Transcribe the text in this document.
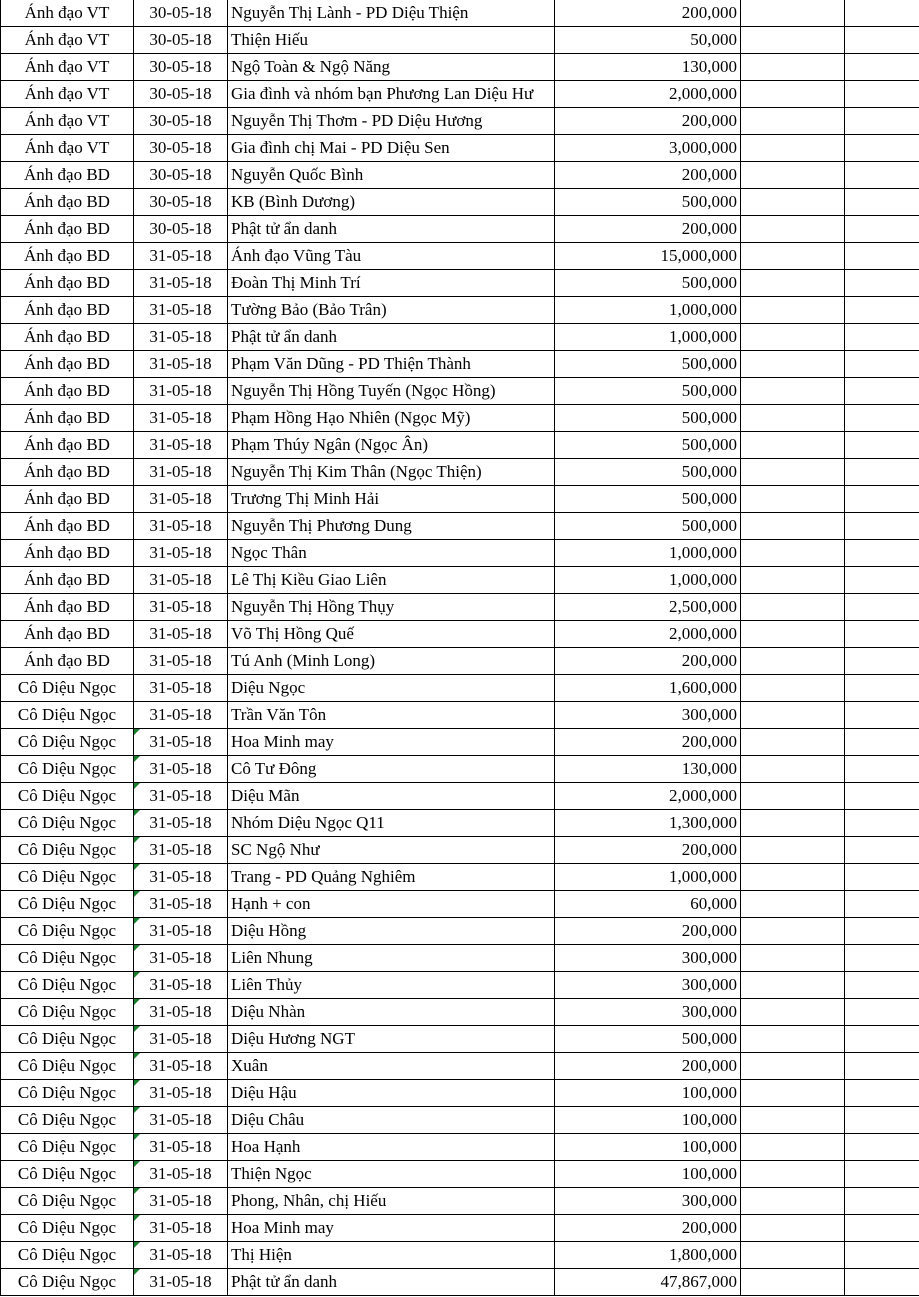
Ánh đạo VT	30-05-18	Nguyễn Thị Lành - PD Diệu Thiện	200,000		
Ánh đạo VT	30-05-18	Thiện Hiếu	50,000		
Ánh đạo VT	30-05-18	Ngộ Toàn & Ngộ Năng	130,000		
Ánh đạo VT	30-05-18	Gia đình và nhóm bạn Phương Lan Diệu Hư	2,000,000		
Ánh đạo VT	30-05-18	Nguyễn Thị Thơm - PD Diệu Hương	200,000		
Ánh đạo VT	30-05-18	Gia đình chị Mai - PD Diệu Sen	3,000,000		
Ánh đạo BD	30-05-18	Nguyễn Quốc Bình	200,000		
Ánh đạo BD	30-05-18	KB (Bình Dương)	500,000		
Ánh đạo BD	30-05-18	Phật tử ẩn danh	200,000		
Ánh đạo BD	31-05-18	Ánh đạo Vũng Tàu	15,000,000		
Ánh đạo BD	31-05-18	Đoàn Thị Minh Trí	500,000		
Ánh đạo BD	31-05-18	Tường Bảo (Bảo Trân)	1,000,000		
Ánh đạo BD	31-05-18	Phật tử ẩn danh	1,000,000		
Ánh đạo BD	31-05-18	Phạm Văn Dũng - PD Thiện Thành	500,000		
Ánh đạo BD	31-05-18	Nguyễn Thị Hồng Tuyến (Ngọc Hồng)	500,000		
Ánh đạo BD	31-05-18	Phạm Hồng Hạo Nhiên (Ngọc Mỹ)	500,000		
Ánh đạo BD	31-05-18	Phạm Thúy Ngân (Ngọc Ân)	500,000		
Ánh đạo BD	31-05-18	Nguyễn Thị Kim Thân (Ngọc Thiện)	500,000		
Ánh đạo BD	31-05-18	Trương Thị Minh Hải	500,000		
Ánh đạo BD	31-05-18	Nguyễn Thị Phương Dung	500,000		
Ánh đạo BD	31-05-18	Ngọc Thân	1,000,000		
Ánh đạo BD	31-05-18	Lê Thị Kiều Giao Liên	1,000,000		
Ánh đạo BD	31-05-18	Nguyễn Thị Hồng Thụy	2,500,000		
Ánh đạo BD	31-05-18	Võ Thị Hồng Quế	2,000,000		
Ánh đạo BD	31-05-18	Tú Anh (Minh Long)	200,000		
Cô Diệu Ngọc	31-05-18	Diệu Ngọc	1,600,000		
Cô Diệu Ngọc	31-05-18	Trần Văn Tôn	300,000		
Cô Diệu Ngọc	31-05-18	Hoa Minh may	200,000		
Cô Diệu Ngọc	31-05-18	Cô Tư Đông	130,000		
Cô Diệu Ngọc	31-05-18	Diệu Mãn	2,000,000		
Cô Diệu Ngọc	31-05-18	Nhóm Diệu Ngọc Q11	1,300,000		
Cô Diệu Ngọc	31-05-18	SC Ngộ Như	200,000		
Cô Diệu Ngọc	31-05-18	Trang - PD Quảng Nghiêm	1,000,000		
Cô Diệu Ngọc	31-05-18	Hạnh + con	60,000		
Cô Diệu Ngọc	31-05-18	Diệu Hồng	200,000		
Cô Diệu Ngọc	31-05-18	Liên Nhung	300,000		
Cô Diệu Ngọc	31-05-18	Liên Thủy	300,000		
Cô Diệu Ngọc	31-05-18	Diệu Nhàn	300,000		
Cô Diệu Ngọc	31-05-18	Diệu Hương NGT	500,000		
Cô Diệu Ngọc	31-05-18	Xuân	200,000		
Cô Diệu Ngọc	31-05-18	Diệu Hậu	100,000		
Cô Diệu Ngọc	31-05-18	Diệu Châu	100,000		
Cô Diệu Ngọc	31-05-18	Hoa Hạnh	100,000		
Cô Diệu Ngọc	31-05-18	Thiện Ngọc	100,000		
Cô Diệu Ngọc	31-05-18	Phong, Nhân, chị Hiếu	300,000		
Cô Diệu Ngọc	31-05-18	Hoa Minh may	200,000		
Cô Diệu Ngọc	31-05-18	Thị Hiện	1,800,000		
Cô Diệu Ngọc	31-05-18	Phật tử ẩn danh	47,867,000		
